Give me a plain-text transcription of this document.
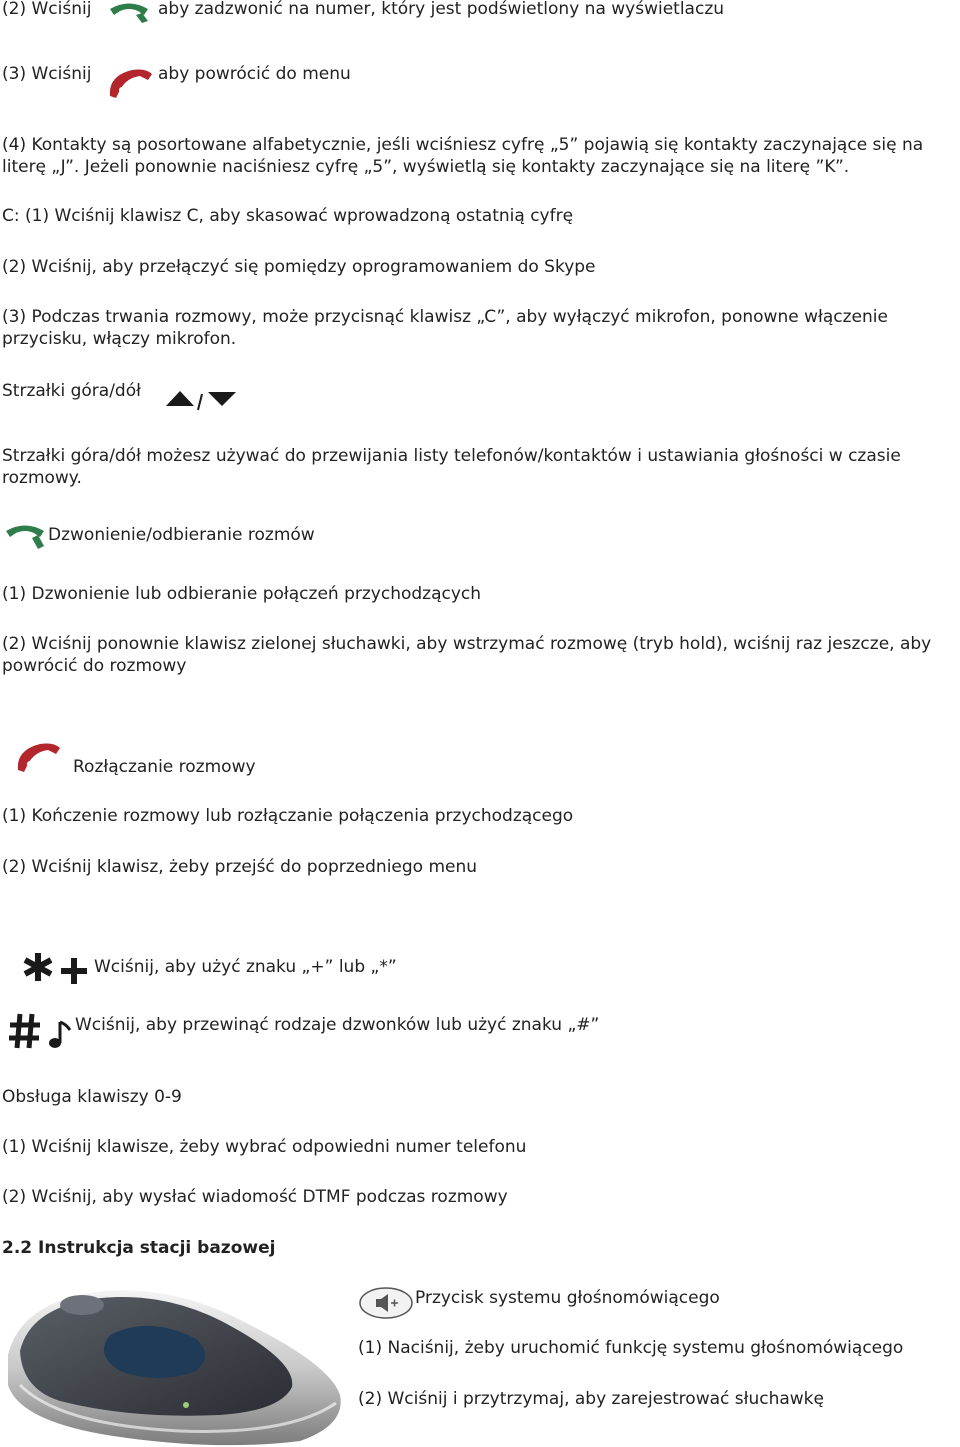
(2) Wciśnij	aby zadzwonić na numer, który jest podświetlony na wyświetlaczu
(3) Wciśnij	aby powrócić do menu
(4) Kontakty są posortowane alfabetycznie, jeśli wciśniesz cyfrę „5” pojawią się kontakty zaczynające się na literę „J”. Jeżeli ponownie naciśniesz cyfrę „5”, wyświetlą się kontakty zaczynające się na literę ”K”.
C: (1) Wciśnij klawisz C, aby skasować wprowadzoną ostatnią cyfrę
(2) Wciśnij, aby przełączyć się pomiędzy oprogramowaniem do Skype
(3) Podczas trwania rozmowy, może przycisnąć klawisz „C”, aby wyłączyć mikrofon, ponowne włączenie przycisku, włączy mikrofon.
Strzałki góra/dół
Strzałki góra/dół możesz używać do przewijania listy telefonów/kontaktów i ustawiania głośności w czasie rozmowy.
Dzwonienie/odbieranie rozmów
(1) Dzwonienie lub odbieranie połączeń przychodzących
(2) Wciśnij ponownie klawisz zielonej słuchawki, aby wstrzymać rozmowę (tryb hold), wciśnij raz jeszcze, aby powrócić do rozmowy
Rozłączanie rozmowy
(1) Kończenie rozmowy lub rozłączanie połączenia przychodzącego
(2) Wciśnij klawisz, żeby przejść do poprzedniego menu
Wciśnij, aby użyć znaku „+” lub „*”
Wciśnij, aby przewinąć rodzaje dzwonków lub użyć znaku „#”
Obsługa klawiszy 0-9
(1) Wciśnij klawisze, żeby wybrać odpowiedni numer telefonu
(2) Wciśnij, aby wysłać wiadomość DTMF podczas rozmowy
2.2 Instrukcja stacji bazowej
Przycisk systemu głośnomówiącego
(1) Naciśnij, żeby uruchomić funkcję systemu głośnomówiącego
(2) Wciśnij i przytrzymaj, aby zarejestrować słuchawkę
